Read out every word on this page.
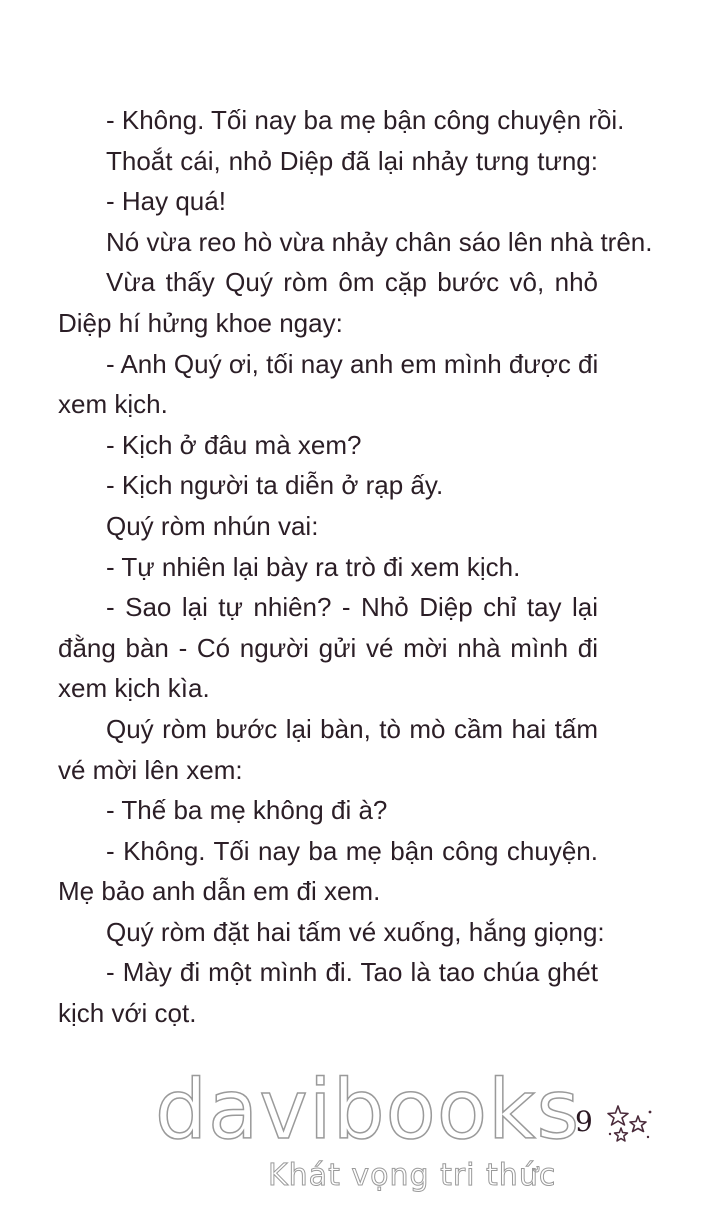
- Không. Tối nay ba mẹ bận công chuyện rồi.
Thoắt cái, nhỏ Diệp đã lại nhảy tưng tưng:
- Hay quá!
Nó vừa reo hò vừa nhảy chân sáo lên nhà trên.
Vừa thấy Quý ròm ôm cặp bước vô, nhỏ
Diệp hí hửng khoe ngay:
- Anh Quý ơi, tối nay anh em mình được đi
xem kịch.
- Kịch ở đâu mà xem?
- Kịch người ta diễn ở rạp ấy.
Quý ròm nhún vai:
- Tự nhiên lại bày ra trò đi xem kịch.
- Sao lại tự nhiên? - Nhỏ Diệp chỉ tay lại
đằng bàn - Có người gửi vé mời nhà mình đi
xem kịch kìa.
Quý ròm bước lại bàn, tò mò cầm hai tấm
vé mời lên xem:
- Thế ba mẹ không đi à?
- Không. Tối nay ba mẹ bận công chuyện.
Mẹ bảo anh dẫn em đi xem.
Quý ròm đặt hai tấm vé xuống, hắng giọng:
- Mày đi một mình đi. Tao là tao chúa ghét
kịch với cọt.
davibooks
Khát vọng tri thức
9
